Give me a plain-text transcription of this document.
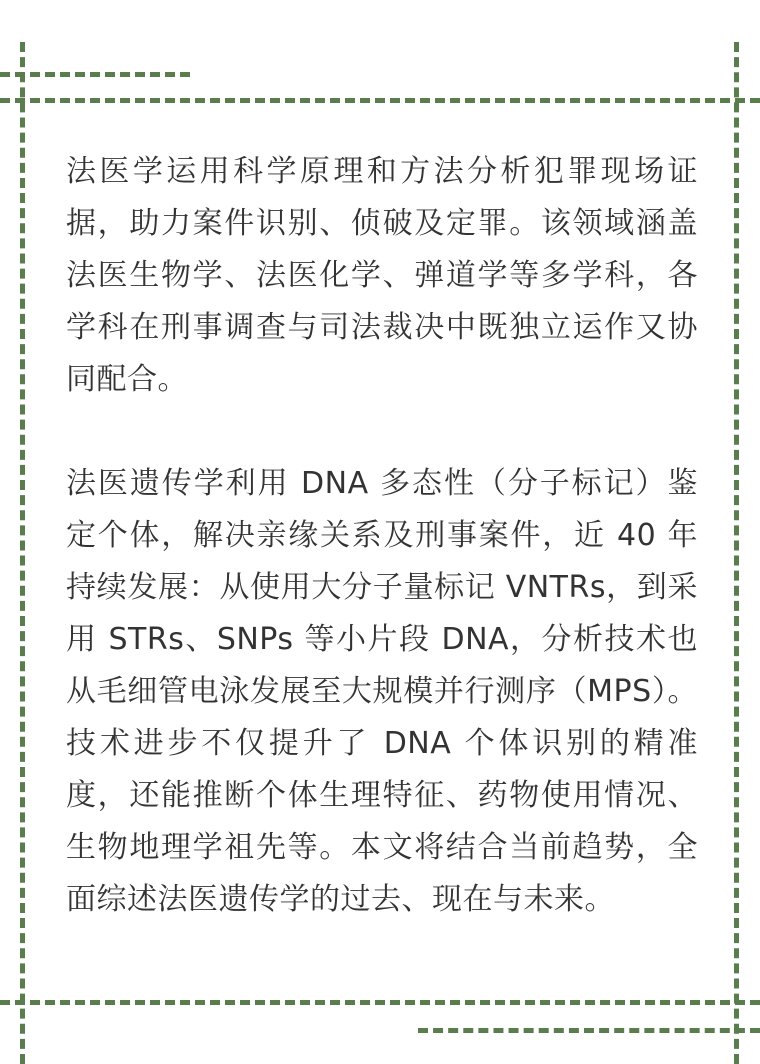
法医学运用科学原理和方法分析犯罪现场证据，助力案件识别、侦破及定罪。该领域涵盖法医生物学、法医化学、弹道学等多学科，各学科在刑事调查与司法裁决中既独立运作又协同配合。

法医遗传学利用 DNA 多态性（分子标记）鉴定个体，解决亲缘关系及刑事案件，近 40 年持续发展：从使用大分子量标记 VNTRs，到采用 STRs、SNPs 等小片段 DNA，分析技术也从毛细管电泳发展至大规模并行测序（MPS）。技术进步不仅提升了 DNA 个体识别的精准度，还能推断个体生理特征、药物使用情况、生物地理学祖先等。本文将结合当前趋势，全面综述法医遗传学的过去、现在与未来。
